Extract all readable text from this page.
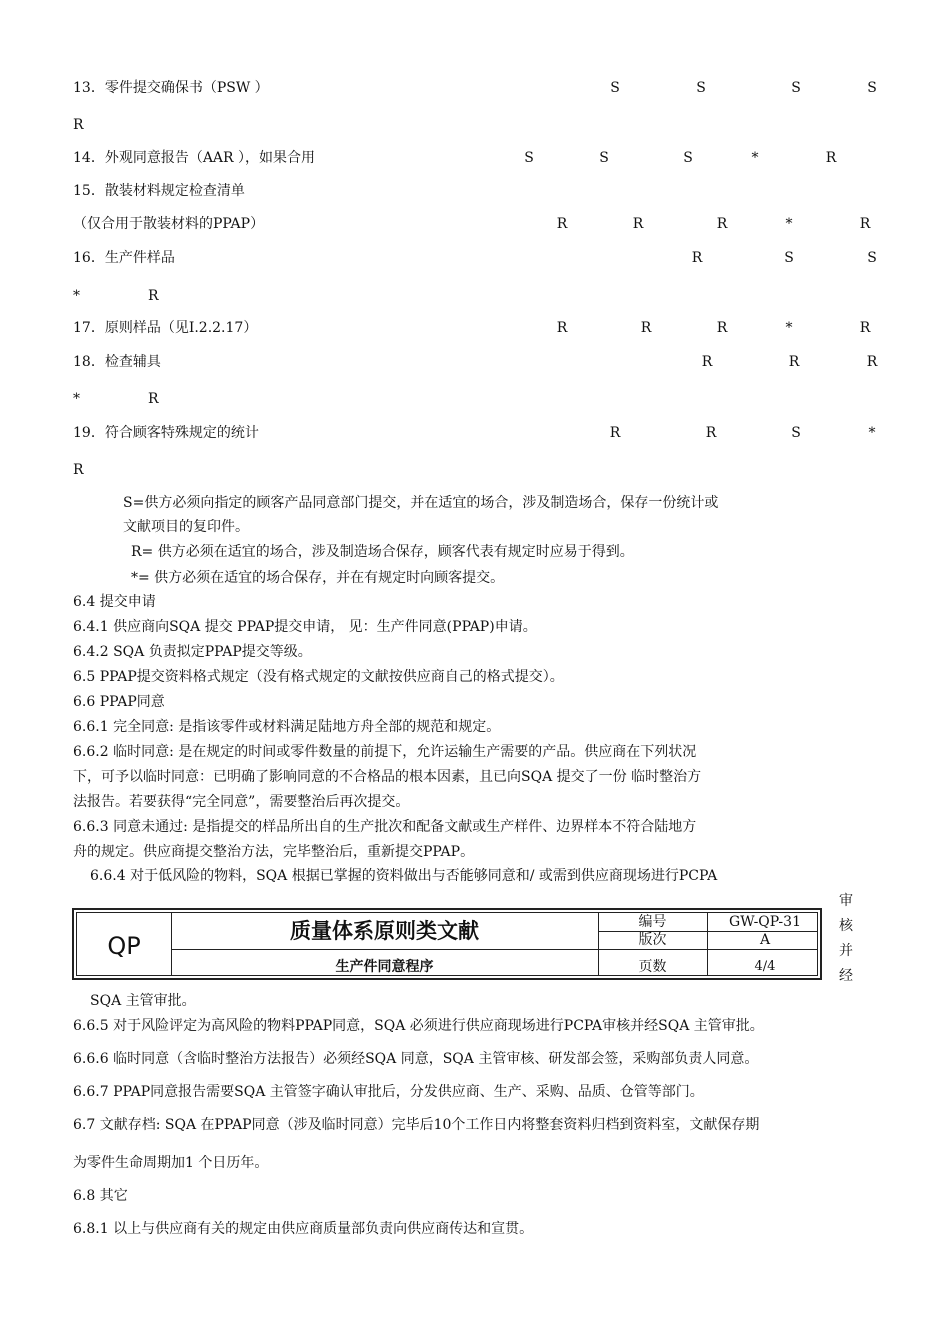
13．零件提交确保书（PSW ）	S	S	S	S
R
14．外观同意报告（AAR ），如果合用	S	S	S	*	R
15．散装材料规定检查清单
（仅合用于散装材料的PPAP）	R	R	R	*	R
16．生产件样品	R	S	S
*	R
17．原则样品（见I.2.2.17）	R	R	R	*	R
18．检查辅具	R	R	R
*	R
19．符合顾客特殊规定的统计	R	R	S	*
R
S=供方必须向指定的顾客产品同意部门提交，并在适宜的场合，涉及制造场合，保存一份统计或
文献项目的复印件。
R= 供方必须在适宜的场合，涉及制造场合保存，顾客代表有规定时应易于得到。
*= 供方必须在适宜的场合保存，并在有规定时向顾客提交。
6.4 提交申请
6.4.1 供应商向SQA 提交 PPAP提交申请， 见：生产件同意(PPAP)申请。
6.4.2 SQA 负责拟定PPAP提交等级。
6.5 PPAP提交资料格式规定（没有格式规定的文献按供应商自己的格式提交）。
6.6 PPAP同意
6.6.1 完全同意: 是指该零件或材料满足陆地方舟全部的规范和规定。
6.6.2 临时同意: 是在规定的时间或零件数量的前提下，允许运输生产需要的产品。供应商在下列状况
下，可予以临时同意：已明确了影响同意的不合格品的根本因素，且已向SQA 提交了一份 临时整治方
法报告。若要获得“完全同意”，需要整治后再次提交。
6.6.3 同意未通过: 是指提交的样品所出自的生产批次和配备文献或生产样件、边界样本不符合陆地方
舟的规定。供应商提交整治方法，完毕整治后，重新提交PPAP。
6.6.4 对于低风险的物料，SQA 根据已掌握的资料做出与否能够同意和/ 或需到供应商现场进行PCPA
审
核
并
经
QP
质量体系原则类文献
生产件同意程序
编号	GW-QP-31
版次	A
页数	4/4
SQA 主管审批。
6.6.5 对于风险评定为高风险的物料PPAP同意，SQA 必须进行供应商现场进行PCPA审核并经SQA 主管审批。
6.6.6 临时同意（含临时整治方法报告）必须经SQA 同意，SQA 主管审核、研发部会签，采购部负责人同意。
6.6.7 PPAP同意报告需要SQA 主管签字确认审批后，分发供应商、生产、采购、品质、仓管等部门。
6.7 文献存档: SQA 在PPAP同意（涉及临时同意）完毕后10个工作日内将整套资料归档到资料室，文献保存期
为零件生命周期加1 个日历年。
6.8 其它
6.8.1 以上与供应商有关的规定由供应商质量部负责向供应商传达和宣贯。
